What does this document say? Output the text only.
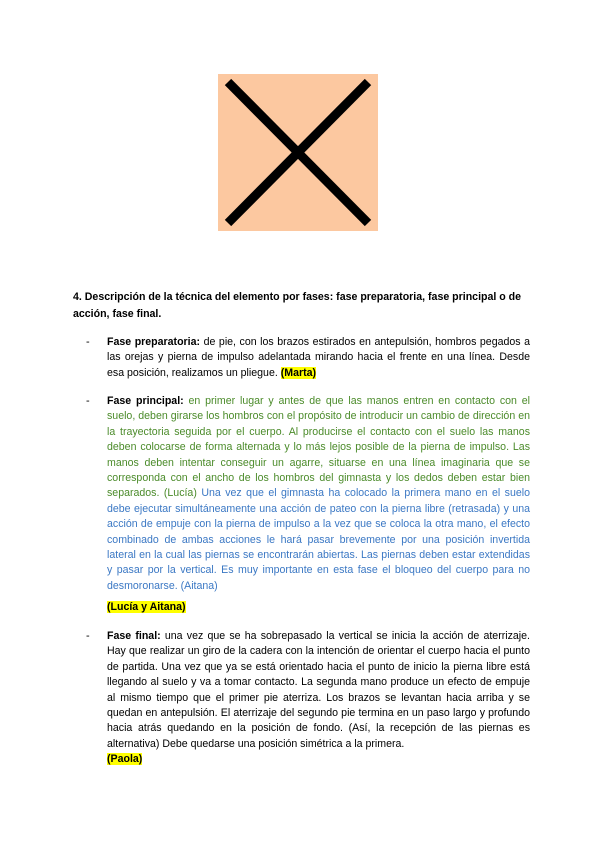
4. Descripción de la técnica del elemento por fases: fase preparatoria, fase principal o de acción, fase final.

- Fase preparatoria: de pie, con los brazos estirados en antepulsión, hombros pegados a las orejas y pierna de impulso adelantada mirando hacia el frente en una línea. Desde esa posición, realizamos un pliegue. (Marta)

- Fase principal: en primer lugar y antes de que las manos entren en contacto con el suelo, deben girarse los hombros con el propósito de introducir un cambio de dirección en la trayectoria seguida por el cuerpo. Al producirse el contacto con el suelo las manos deben colocarse de forma alternada y lo más lejos posible de la pierna de impulso. Las manos deben intentar conseguir un agarre, situarse en una línea imaginaria que se corresponda con el ancho de los hombros del gimnasta y los dedos deben estar bien separados. (Lucía) Una vez que el gimnasta ha colocado la primera mano en el suelo debe ejecutar simultáneamente una acción de pateo con la pierna libre (retrasada) y una acción de empuje con la pierna de impulso a la vez que se coloca la otra mano, el efecto combinado de ambas acciones le hará pasar brevemente por una posición invertida lateral en la cual las piernas se encontrarán abiertas. Las piernas deben estar extendidas y pasar por la vertical. Es muy importante en esta fase el bloqueo del cuerpo para no desmoronarse. (Aitana)

(Lucía y Aitana)
- Fase final: una vez que se ha sobrepasado la vertical se inicia la acción de aterrizaje. Hay que realizar un giro de la cadera con la intención de orientar el cuerpo hacia el punto de partida. Una vez que ya se está orientado hacia el punto de inicio la pierna libre está llegando al suelo y va a tomar contacto. La segunda mano produce un efecto de empuje al mismo tiempo que el primer pie aterriza. Los brazos se levantan hacia arriba y se quedan en antepulsión. El aterrizaje del segundo pie termina en un paso largo y profundo hacia atrás quedando en la posición de fondo. (Así, la recepción de las piernas es alternativa) Debe quedarse una posición simétrica a la primera.
(Paola)
